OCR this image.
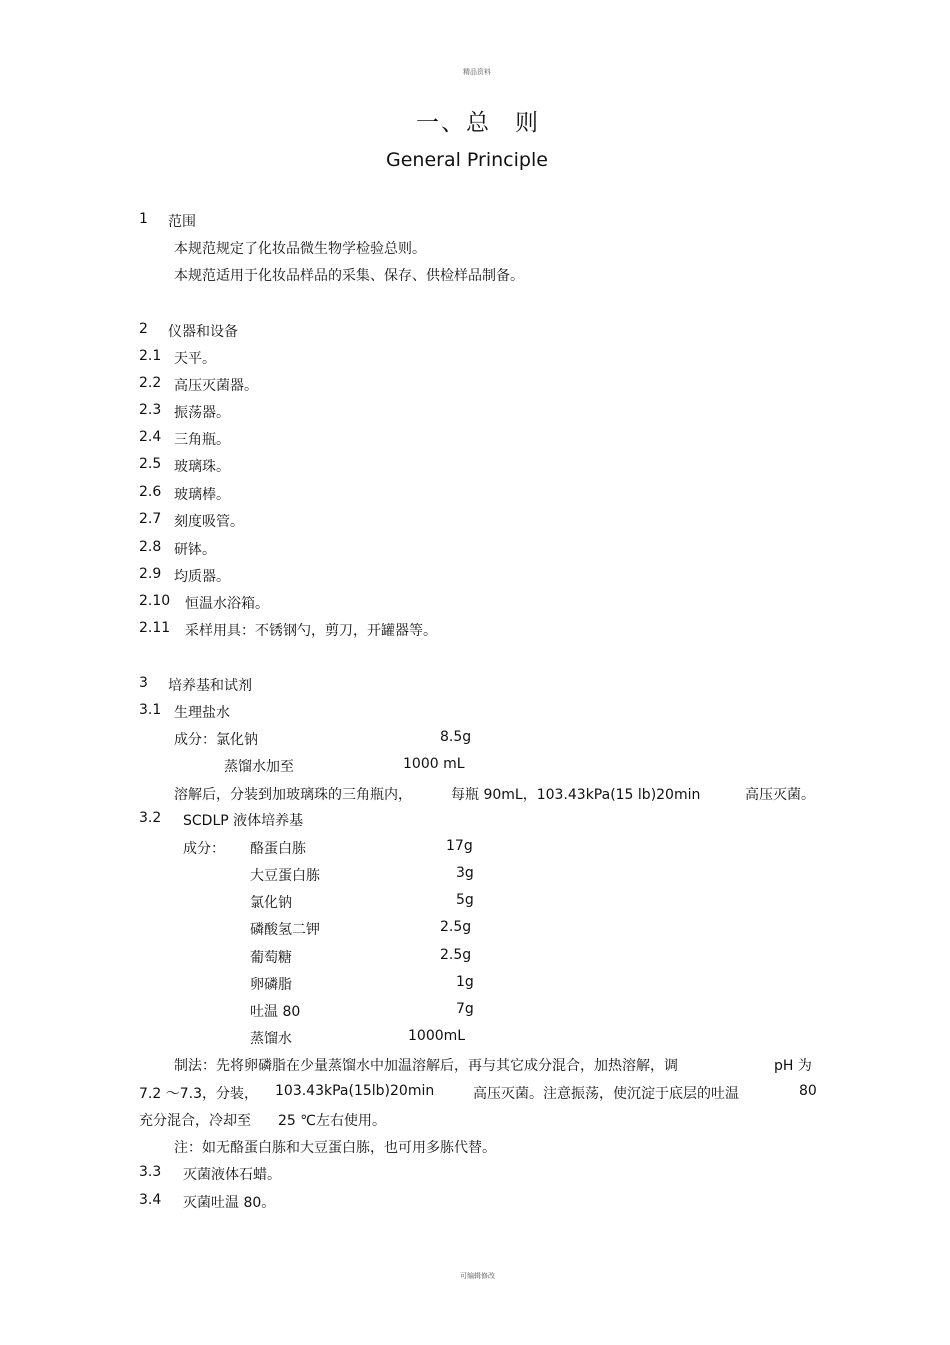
精品资料
可编辑修改
一、总 则
General Principle
1 范围
本规范规定了化妆品微生物学检验总则。
本规范适用于化妆品样品的采集、保存、供检样品制备。
2 仪器和设备
2.1 天平。
2.2 高压灭菌器。
2.3 振荡器。
2.4 三角瓶。
2.5 玻璃珠。
2.6 玻璃棒。
2.7 刻度吸管。
2.8 研钵。
2.9 均质器。
2.10 恒温水浴箱。
2.11 采样用具：不锈钢勺，剪刀，开罐器等。
3 培养基和试剂
3.1 生理盐水
成分：氯化钠	8.5g
蒸馏水加至	1000 mL
溶解后，分装到加玻璃珠的三角瓶内，	每瓶 90mL，103.43kPa(15 lb)20min	高压灭菌。
3.2 SCDLP 液体培养基
成分： 酪蛋白胨	17g
大豆蛋白胨	3g
氯化钠	5g
磷酸氢二钾	2.5g
葡萄糖	2.5g
卵磷脂	1g
吐温 80	7g
蒸馏水	1000mL
制法：先将卵磷脂在少量蒸馏水中加温溶解后，再与其它成分混合，加热溶解，调	pH 为
7.2 ～7.3，分装， 103.43kPa(15lb)20min	高压灭菌。注意振荡，使沉淀于底层的吐温	80
充分混合，冷却至 25 ℃左右使用。
注：如无酪蛋白胨和大豆蛋白胨，也可用多胨代替。
3.3 灭菌液体石蜡。
3.4 灭菌吐温 80。
